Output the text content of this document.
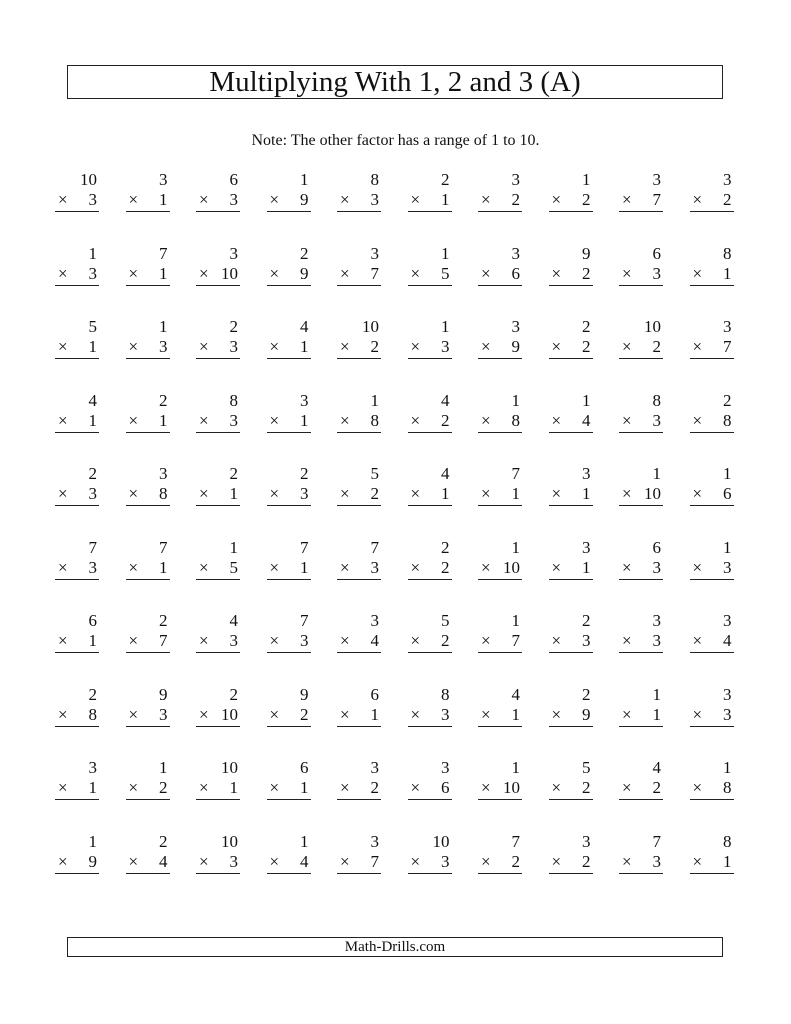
Multiplying With 1, 2 and 3 (A)
Note: The other factor has a range of 1 to 10.
10
× 3
3
× 1
6
× 3
1
× 9
8
× 3
2
× 1
3
× 2
1
× 2
3
× 7
3
× 2
1
× 3
7
× 1
3
× 10
2
× 9
3
× 7
1
× 5
3
× 6
9
× 2
6
× 3
8
× 1
5
× 1
1
× 3
2
× 3
4
× 1
10
× 2
1
× 3
3
× 9
2
× 2
10
× 2
3
× 7
4
× 1
2
× 1
8
× 3
3
× 1
1
× 8
4
× 2
1
× 8
1
× 4
8
× 3
2
× 8
2
× 3
3
× 8
2
× 1
2
× 3
5
× 2
4
× 1
7
× 1
3
× 1
1
× 10
1
× 6
7
× 3
7
× 1
1
× 5
7
× 1
7
× 3
2
× 2
1
× 10
3
× 1
6
× 3
1
× 3
6
× 1
2
× 7
4
× 3
7
× 3
3
× 4
5
× 2
1
× 7
2
× 3
3
× 3
3
× 4
2
× 8
9
× 3
2
× 10
9
× 2
6
× 1
8
× 3
4
× 1
2
× 9
1
× 1
3
× 3
3
× 1
1
× 2
10
× 1
6
× 1
3
× 2
3
× 6
1
× 10
5
× 2
4
× 2
1
× 8
1
× 9
2
× 4
10
× 3
1
× 4
3
× 7
10
× 3
7
× 2
3
× 2
7
× 3
8
× 1
Math-Drills.com
